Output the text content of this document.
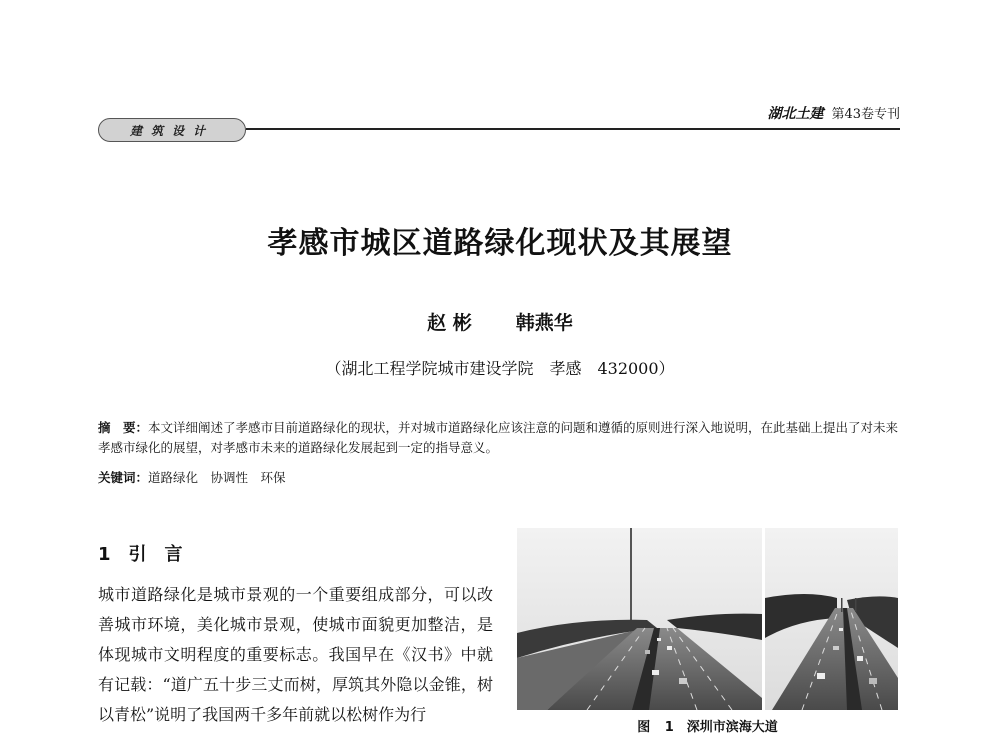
建筑设计
湖北土建 第43卷专刊
孝感市城区道路绿化现状及其展望
赵 彬 韩燕华
（湖北工程学院城市建设学院　孝感　432000）
摘　要：本文详细阐述了孝感市目前道路绿化的现状，并对城市道路绿化应该注意的问题和遵循的原则进行深入地说明，在此基础上提出了对未来孝感市绿化的展望，对孝感市未来的道路绿化发展起到一定的指导意义。
关键词：道路绿化　协调性　环保
1　引　言
城市道路绿化是城市景观的一个重要组成部分，可以改善城市环境，美化城市景观，使城市面貌更加整洁，是体现城市文明程度的重要标志。我国早在《汉书》中就有记载：“道广五十步三丈而树，厚筑其外隐以金锥，树以青松”说明了我国两千多年前就以松树作为行
图 1　深圳市滨海大道
